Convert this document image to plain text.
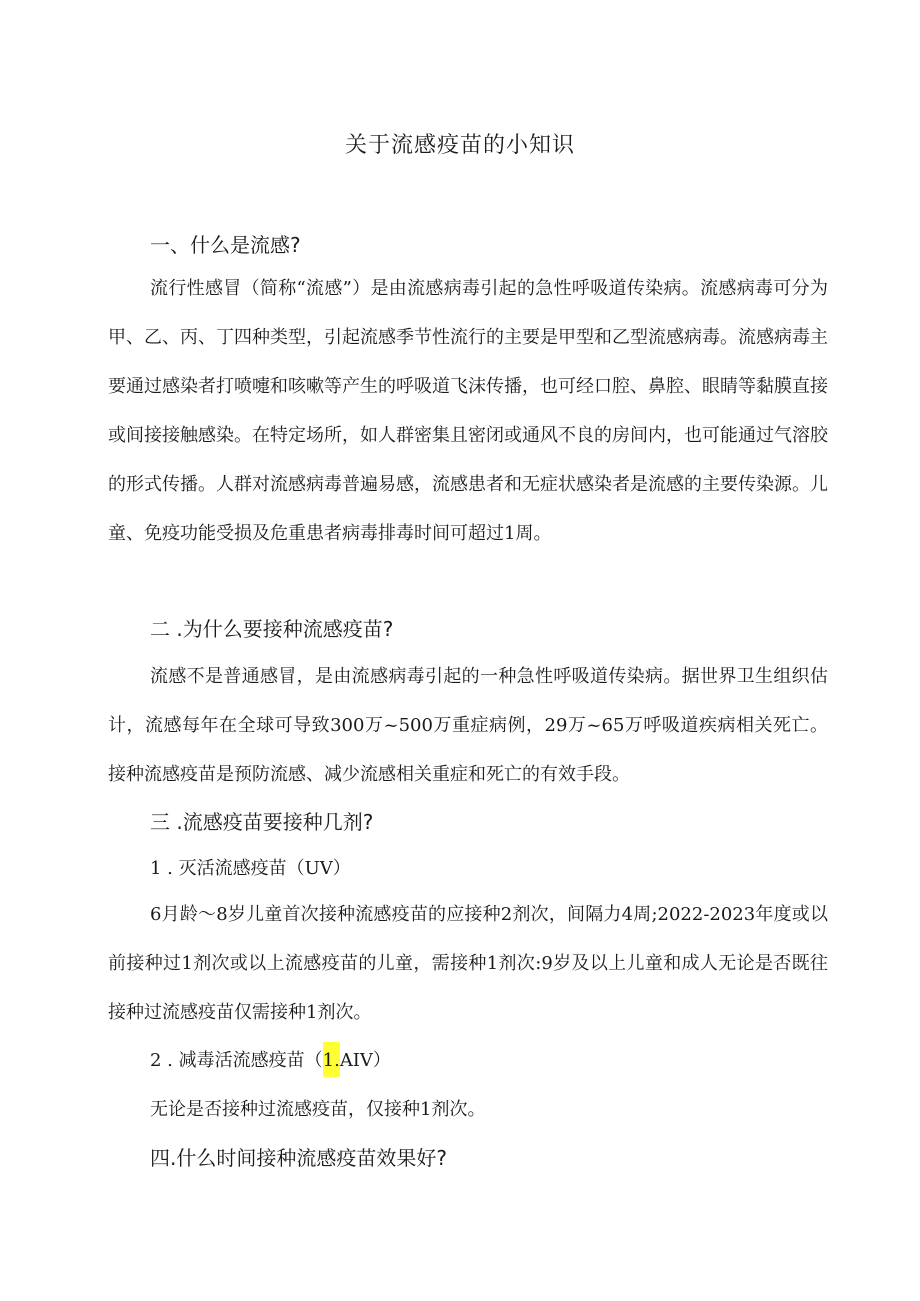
关于流感疫苗的小知识
一、什么是流感?

流行性感冒（简称“流感”）是由流感病毒引起的急性呼吸道传染病。流感病毒可分为甲、乙、丙、丁四种类型，引起流感季节性流行的主要是甲型和乙型流感病毒。流感病毒主要通过感染者打喷嚏和咳嗽等产生的呼吸道飞沫传播，也可经口腔、鼻腔、眼睛等黏膜直接或间接接触感染。在特定场所，如人群密集且密闭或通风不良的房间内，也可能通过气溶胶的形式传播。人群对流感病毒普遍易感，流感患者和无症状感染者是流感的主要传染源。儿童、免疫功能受损及危重患者病毒排毒时间可超过1周。

二 .为什么要接种流感疫苗?

流感不是普通感冒，是由流感病毒引起的一种急性呼吸道传染病。据世界卫生组织估计，流感每年在全球可导致300万~500万重症病例，29万~65万呼吸道疾病相关死亡。接种流感疫苗是预防流感、减少流感相关重症和死亡的有效手段。

三 .流感疫苗要接种几剂?

1 . 灭活流感疫苗（UV）

6月龄～8岁儿童首次接种流感疫苗的应接种2剂次，间隔力4周;2022-2023年度或以前接种过1剂次或以上流感疫苗的儿童，需接种1剂次:9岁及以上儿童和成人无论是否既往接种过流感疫苗仅需接种1剂次。

2 . 减毒活流感疫苗（1.AIV）

无论是否接种过流感疫苗，仅接种1剂次。

四.什么时间接种流感疫苗效果好?
